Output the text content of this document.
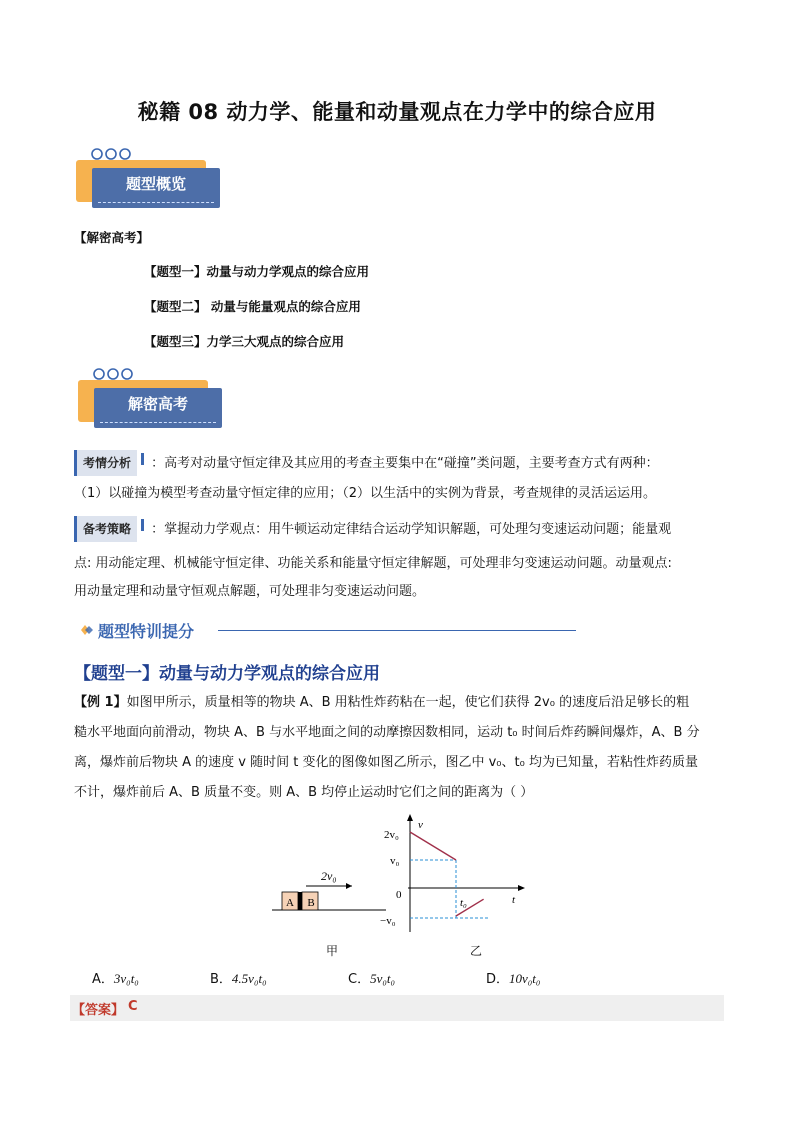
秘籍 08 动力学、能量和动量观点在力学中的综合应用
题型概览
【解密高考】
【题型一】动量与动力学观点的综合应用
【题型二】 动量与能量观点的综合应用
【题型三】力学三大观点的综合应用
解密高考
考情分析 ：高考对动量守恒定律及其应用的考查主要集中在“碰撞”类问题，主要考查方式有两种：
（1）以碰撞为模型考查动量守恒定律的应用；（2）以生活中的实例为背景，考查规律的灵活运运用。
备考策略 ：掌握动力学观点：用牛顿运动定律结合运动学知识解题，可处理匀变速运动问题；能量观
点: 用动能定理、机械能守恒定律、功能关系和能量守恒定律解题，可处理非匀变速运动问题。动量观点:
用动量定理和动量守恒观点解题，可处理非匀变速运动问题。
题型特训提分
【题型一】动量与动力学观点的综合应用
【例 1】如图甲所示，质量相等的物块 A、B 用粘性炸药粘在一起，使它们获得 2v₀ 的速度后沿足够长的粗
糙水平地面向前滑动，物块 A、B 与水平地面之间的动摩擦因数相同，运动 t₀ 时间后炸药瞬间爆炸，A、B 分
离，爆炸前后物块 A 的速度 v 随时间 t 变化的图像如图乙所示，图乙中 v₀、t₀ 均为已知量，若粘性炸药质量
不计，爆炸前后 A、B 质量不变。则 A、B 均停止运动时它们之间的距离为（ ）
A B
2v₀
甲
v
t
0
2v₀
v₀
−v₀
t₀
乙
A．3v₀t₀	B．4.5v₀t₀	C．5v₀t₀	D．10v₀t₀
【答案】 C
